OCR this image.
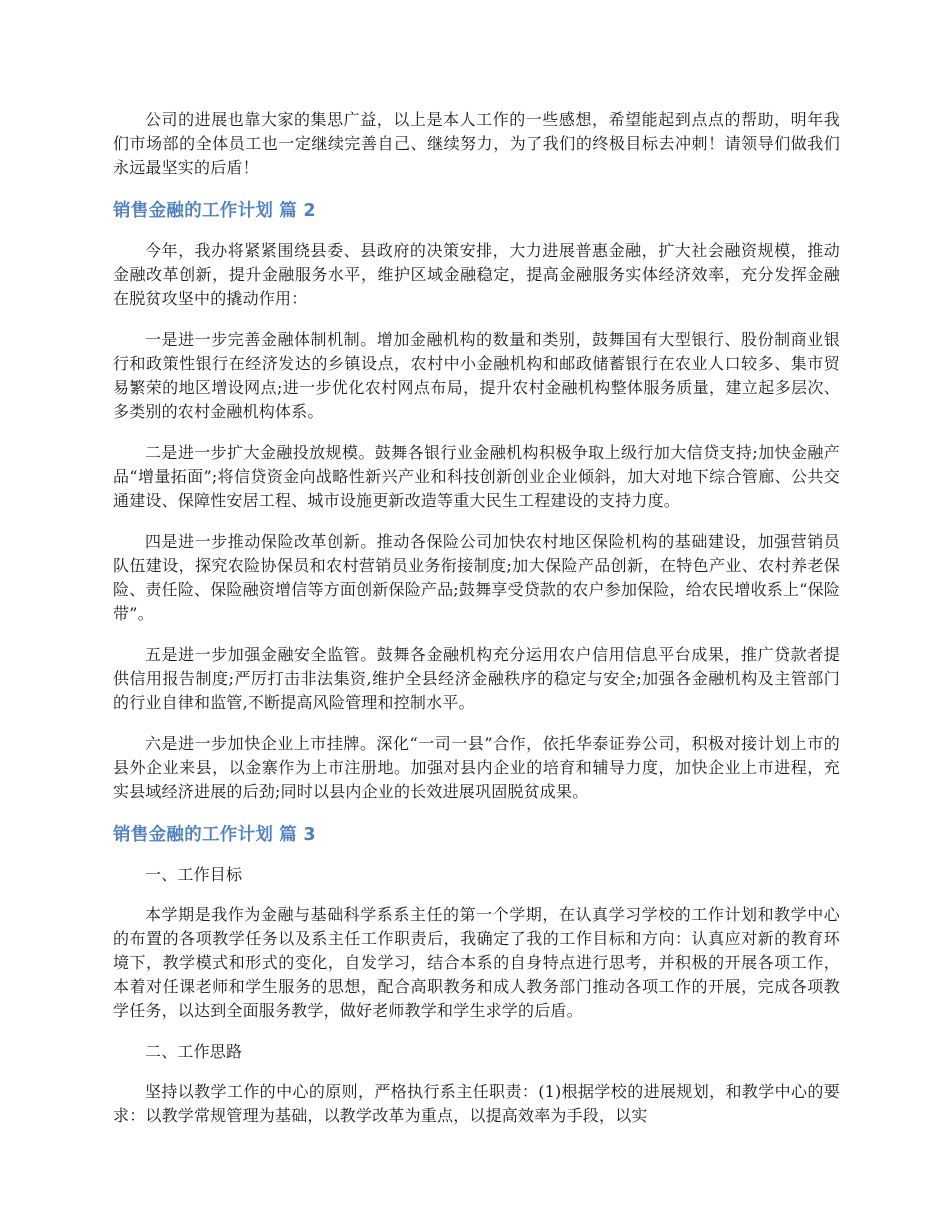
公司的进展也靠大家的集思广益，以上是本人工作的一些感想，希望能起到点点的帮助，明年我们市场部的全体员工也一定继续完善自己、继续努力，为了我们的终极目标去冲刺！请领导们做我们永远最坚实的后盾！

销售金融的工作计划 篇 2

今年，我办将紧紧围绕县委、县政府的决策安排，大力进展普惠金融，扩大社会融资规模，推动金融改革创新，提升金融服务水平，维护区域金融稳定，提高金融服务实体经济效率，充分发挥金融在脱贫攻坚中的撬动作用：

一是进一步完善金融体制机制。增加金融机构的数量和类别，鼓舞国有大型银行、股份制商业银行和政策性银行在经济发达的乡镇设点，农村中小金融机构和邮政储蓄银行在农业人口较多、集市贸易繁荣的地区增设网点;进一步优化农村网点布局，提升农村金融机构整体服务质量，建立起多层次、多类别的农村金融机构体系。

二是进一步扩大金融投放规模。鼓舞各银行业金融机构积极争取上级行加大信贷支持;加快金融产品“增量拓面”;将信贷资金向战略性新兴产业和科技创新创业企业倾斜，加大对地下综合管廊、公共交通建设、保障性安居工程、城市设施更新改造等重大民生工程建设的支持力度。

四是进一步推动保险改革创新。推动各保险公司加快农村地区保险机构的基础建设，加强营销员队伍建设，探究农险协保员和农村营销员业务衔接制度;加大保险产品创新，在特色产业、农村养老保险、责任险、保险融资增信等方面创新保险产品;鼓舞享受贷款的农户参加保险，给农民增收系上“保险带”。

五是进一步加强金融安全监管。鼓舞各金融机构充分运用农户信用信息平台成果，推广贷款者提供信用报告制度;严厉打击非法集资,维护全县经济金融秩序的稳定与安全;加强各金融机构及主管部门的行业自律和监管,不断提高风险管理和控制水平。

六是进一步加快企业上市挂牌。深化“一司一县”合作，依托华泰证券公司，积极对接计划上市的县外企业来县，以金寨作为上市注册地。加强对县内企业的培育和辅导力度，加快企业上市进程，充实县域经济进展的后劲;同时以县内企业的长效进展巩固脱贫成果。

销售金融的工作计划 篇 3

一、工作目标

本学期是我作为金融与基础科学系系主任的第一个学期，在认真学习学校的工作计划和教学中心的布置的各项教学任务以及系主任工作职责后，我确定了我的工作目标和方向：认真应对新的教育环境下，教学模式和形式的变化，自发学习，结合本系的自身特点进行思考，并积极的开展各项工作，本着对任课老师和学生服务的思想，配合高职教务和成人教务部门推动各项工作的开展，完成各项教学任务，以达到全面服务教学，做好老师教学和学生求学的后盾。

二、工作思路

坚持以教学工作的中心的原则，严格执行系主任职责：(1)根据学校的进展规划，和教学中心的要求：以教学常规管理为基础，以教学改革为重点，以提高效率为手段，以实
